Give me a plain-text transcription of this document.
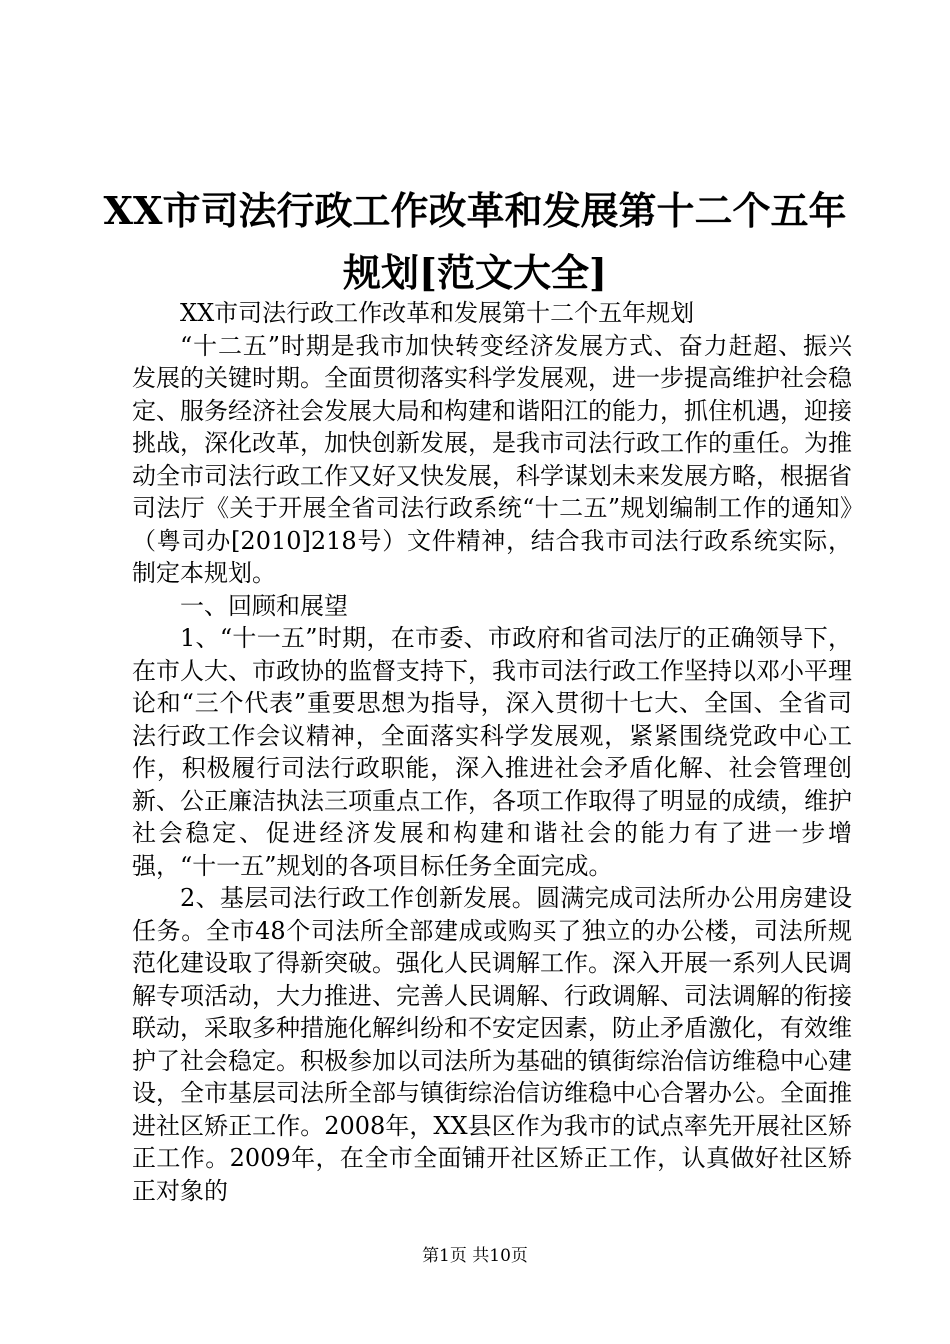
XX市司法行政工作改革和发展第十二个五年
规划[范文大全]

XX市司法行政工作改革和发展第十二个五年规划

“十二五”时期是我市加快转变经济发展方式、奋力赶超、振兴发展的关键时期。全面贯彻落实科学发展观，进一步提高维护社会稳定、服务经济社会发展大局和构建和谐阳江的能力，抓住机遇，迎接挑战，深化改革，加快创新发展，是我市司法行政工作的重任。为推动全市司法行政工作又好又快发展，科学谋划未来发展方略，根据省司法厅《关于开展全省司法行政系统“十二五”规划编制工作的通知》（粤司办[2010]218号）文件精神，结合我市司法行政系统实际，制定本规划。

一、回顾和展望

1、“十一五”时期，在市委、市政府和省司法厅的正确领导下，在市人大、市政协的监督支持下，我市司法行政工作坚持以邓小平理论和“三个代表”重要思想为指导，深入贯彻十七大、全国、全省司法行政工作会议精神，全面落实科学发展观，紧紧围绕党政中心工作，积极履行司法行政职能，深入推进社会矛盾化解、社会管理创新、公正廉洁执法三项重点工作，各项工作取得了明显的成绩，维护社会稳定、促进经济发展和构建和谐社会的能力有了进一步增强，“十一五”规划的各项目标任务全面完成。

2、基层司法行政工作创新发展。圆满完成司法所办公用房建设任务。全市48个司法所全部建成或购买了独立的办公楼，司法所规范化建设取了得新突破。强化人民调解工作。深入开展一系列人民调解专项活动，大力推进、完善人民调解、行政调解、司法调解的衔接联动，采取多种措施化解纠纷和不安定因素，防止矛盾激化，有效维护了社会稳定。积极参加以司法所为基础的镇街综治信访维稳中心建设，全市基层司法所全部与镇街综治信访维稳中心合署办公。全面推进社区矫正工作。2008年，XX县区作为我市的试点率先开展社区矫正工作。2009年，在全市全面铺开社区矫正工作，认真做好社区矫正对象的

第1页 共10页
